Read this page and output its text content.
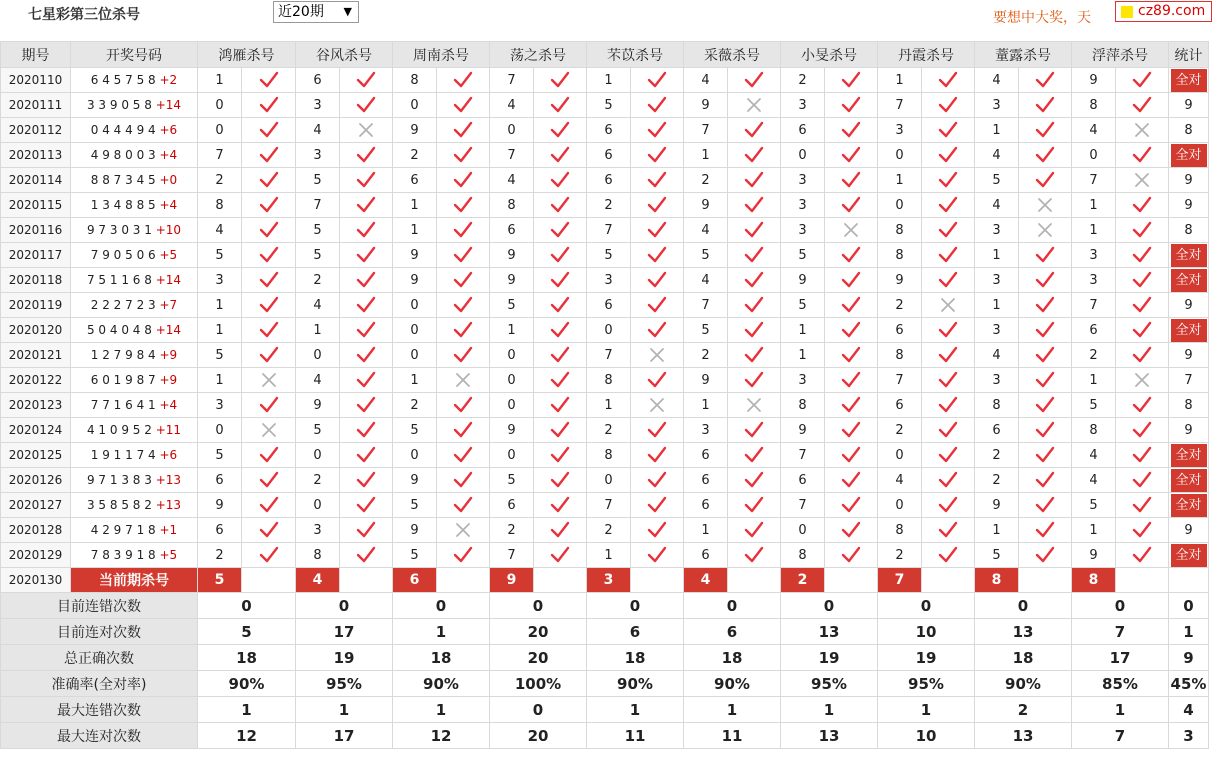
七星彩第三位杀号	近20期 ▼	要想中大奖，天	cz89.com
期号	开奖号码	鸿雁杀号		谷风杀号		周南杀号		荡之杀号		芣苡杀号		采薇杀号		小旻杀号		丹霞杀号		蕫露杀号		浮萍杀号		统计
2020110	6 4 5 7 5 8 +2	1		6		8		7		1		4		2		1		4		9		全对
2020111	3 3 9 0 5 8 +14	0		3		0		4		5		9		3		7		3		8		9
2020112	0 4 4 4 9 4 +6	0		4		9		0		6		7		6		3		1		4		8
2020113	4 9 8 0 0 3 +4	7		3		2		7		6		1		0		0		4		0		全对
2020114	8 8 7 3 4 5 +0	2		5		6		4		6		2		3		1		5		7		9
2020115	1 3 4 8 8 5 +4	8		7		1		8		2		9		3		0		4		1		9
2020116	9 7 3 0 3 1 +10	4		5		1		6		7		4		3		8		3		1		8
2020117	7 9 0 5 0 6 +5	5		5		9		9		5		5		5		8		1		3		全对
2020118	7 5 1 1 6 8 +14	3		2		9		9		3		4		9		9		3		3		全对
2020119	2 2 2 7 2 3 +7	1		4		0		5		6		7		5		2		1		7		9
2020120	5 0 4 0 4 8 +14	1		1		0		1		0		5		1		6		3		6		全对
2020121	1 2 7 9 8 4 +9	5		0		0		0		7		2		1		8		4		2		9
2020122	6 0 1 9 8 7 +9	1		4		1		0		8		9		3		7		3		1		7
2020123	7 7 1 6 4 1 +4	3		9		2		0		1		1		8		6		8		5		8
2020124	4 1 0 9 5 2 +11	0		5		5		9		2		3		9		2		6		8		9
2020125	1 9 1 1 7 4 +6	5		0		0		0		8		6		7		0		2		4		全对
2020126	9 7 1 3 8 3 +13	6		2		9		5		0		6		6		4		2		4		全对
2020127	3 5 8 5 8 2 +13	9		0		5		6		7		6		7		0		9		5		全对
2020128	4 2 9 7 1 8 +1	6		3		9		2		2		1		0		8		1		1		9
2020129	7 8 3 9 1 8 +5	2		8		5		7		1		6		8		2		5		9		全对
2020130	当前期杀号	5		4		6		9		3		4		2		7		8		8		
目前连错次数		0		0		0		0		0		0		0		0		0		0		0
目前连对次数		5		17		1		20		6		6		13		10		13		7		1
总正确次数		18		19		18		20		18		18		19		19		18		17		9
准确率(全对率)		90%		95%		90%		100%		90%		90%		95%		95%		90%		85%		45%
最大连错次数		1		1		1		0		1		1		1		1		2		1		4
最大连对次数		12		17		12		20		11		11		13		10		13		7		3
